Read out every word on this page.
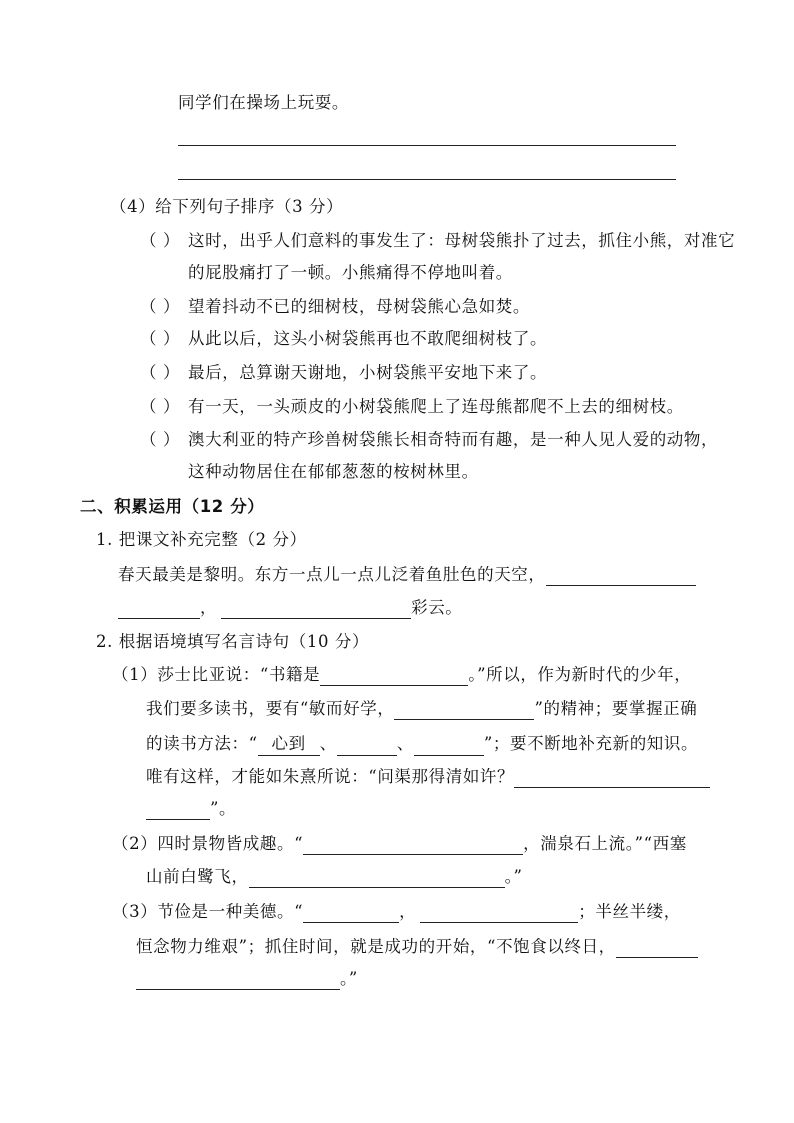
同学们在操场上玩耍。
（4）给下列句子排序（3 分）
（ ） 这时，出乎人们意料的事发生了：母树袋熊扑了过去，抓住小熊，对准它
的屁股痛打了一顿。小熊痛得不停地叫着。
（ ） 望着抖动不已的细树枝，母树袋熊心急如焚。
（ ） 从此以后，这头小树袋熊再也不敢爬细树枝了。
（ ） 最后，总算谢天谢地，小树袋熊平安地下来了。
（ ） 有一天，一头顽皮的小树袋熊爬上了连母熊都爬不上去的细树枝。
（ ） 澳大利亚的特产珍兽树袋熊长相奇特而有趣，是一种人见人爱的动物，
这种动物居住在郁郁葱葱的桉树林里。
二、积累运用（12 分）
1. 把课文补充完整（2 分）
春天最美是黎明。东方一点儿一点儿泛着鱼肚色的天空，
，	彩云。
2. 根据语境填写名言诗句（10 分）
（1）莎士比亚说：“书籍是	。”所以，作为新时代的少年，
我们要多读书，要有“敏而好学，	”的精神；要掌握正确
的读书方法：“ 心到 、	、	”；要不断地补充新的知识。
唯有这样，才能如朱熹所说：“问渠那得清如许？
”。
（2）四时景物皆成趣。“	，湍泉石上流。”“西塞
山前白鹭飞，	。”
（3）节俭是一种美德。“	，	；半丝半缕，
恒念物力维艰”；抓住时间，就是成功的开始，“不饱食以终日，
。”
